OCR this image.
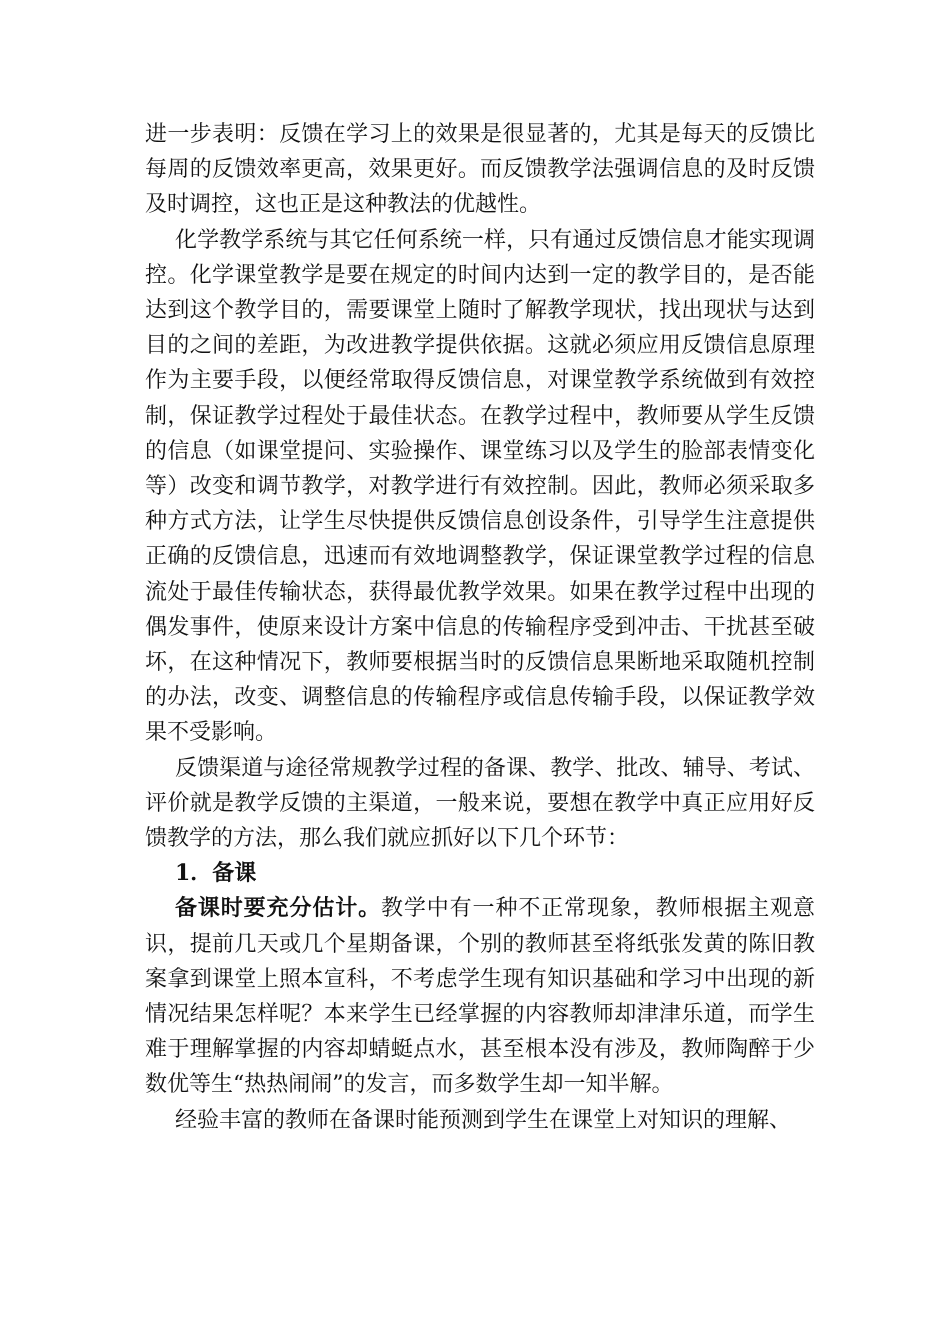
进一步表明：反馈在学习上的效果是很显著的，尤其是每天的反馈比每周的反馈效率更高，效果更好。而反馈教学法强调信息的及时反馈及时调控，这也正是这种教法的优越性。

化学教学系统与其它任何系统一样，只有通过反馈信息才能实现调控。化学课堂教学是要在规定的时间内达到一定的教学目的，是否能达到这个教学目的，需要课堂上随时了解教学现状，找出现状与达到目的之间的差距，为改进教学提供依据。这就必须应用反馈信息原理作为主要手段，以便经常取得反馈信息，对课堂教学系统做到有效控制，保证教学过程处于最佳状态。在教学过程中，教师要从学生反馈的信息（如课堂提问、实验操作、课堂练习以及学生的脸部表情变化等）改变和调节教学，对教学进行有效控制。因此，教师必须采取多种方式方法，让学生尽快提供反馈信息创设条件，引导学生注意提供正确的反馈信息，迅速而有效地调整教学，保证课堂教学过程的信息流处于最佳传输状态，获得最优教学效果。如果在教学过程中出现的偶发事件，使原来设计方案中信息的传输程序受到冲击、干扰甚至破坏，在这种情况下，教师要根据当时的反馈信息果断地采取随机控制的办法，改变、调整信息的传输程序或信息传输手段，以保证教学效果不受影响。

反馈渠道与途径常规教学过程的备课、教学、批改、辅导、考试、评价就是教学反馈的主渠道，一般来说，要想在教学中真正应用好反馈教学的方法，那么我们就应抓好以下几个环节：

1．备课

备课时要充分估计。教学中有一种不正常现象，教师根据主观意识，提前几天或几个星期备课，个别的教师甚至将纸张发黄的陈旧教案拿到课堂上照本宣科，不考虑学生现有知识基础和学习中出现的新情况结果怎样呢？本来学生已经掌握的内容教师却津津乐道，而学生难于理解掌握的内容却蜻蜓点水，甚至根本没有涉及，教师陶醉于少数优等生“热热闹闹”的发言，而多数学生却一知半解。

经验丰富的教师在备课时能预测到学生在课堂上对知识的理解、
